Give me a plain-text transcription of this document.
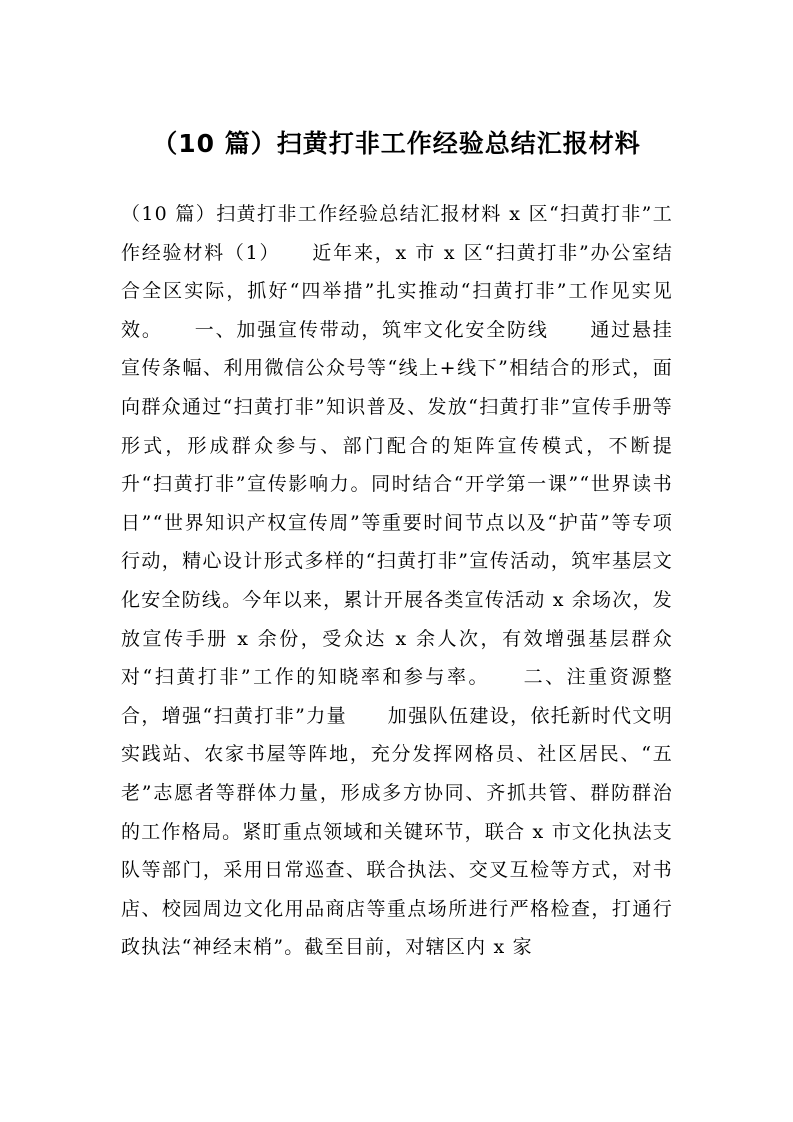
（10 篇）扫黄打非工作经验总结汇报材料

（10 篇）扫黄打非工作经验总结汇报材料 x 区“扫黄打非”工作经验材料（1）　　近年来，x 市 x 区“扫黄打非”办公室结合全区实际，抓好“四举措”扎实推动“扫黄打非”工作见实见效。　　一、加强宣传带动，筑牢文化安全防线　　通过悬挂宣传条幅、利用微信公众号等“线上+线下”相结合的形式，面向群众通过“扫黄打非”知识普及、发放“扫黄打非”宣传手册等形式，形成群众参与、部门配合的矩阵宣传模式，不断提升“扫黄打非”宣传影响力。同时结合“开学第一课”“世界读书日”“世界知识产权宣传周”等重要时间节点以及“护苗”等专项行动，精心设计形式多样的“扫黄打非”宣传活动，筑牢基层文化安全防线。今年以来，累计开展各类宣传活动 x 余场次，发放宣传手册 x 余份，受众达 x 余人次，有效增强基层群众对“扫黄打非”工作的知晓率和参与率。　　二、注重资源整合，增强“扫黄打非”力量　　加强队伍建设，依托新时代文明实践站、农家书屋等阵地，充分发挥网格员、社区居民、“五老”志愿者等群体力量，形成多方协同、齐抓共管、群防群治的工作格局。紧盯重点领域和关键环节，联合 x 市文化执法支队等部门，采用日常巡查、联合执法、交叉互检等方式，对书店、校园周边文化用品商店等重点场所进行严格检查，打通行政执法“神经末梢”。截至目前，对辖区内 x 家
